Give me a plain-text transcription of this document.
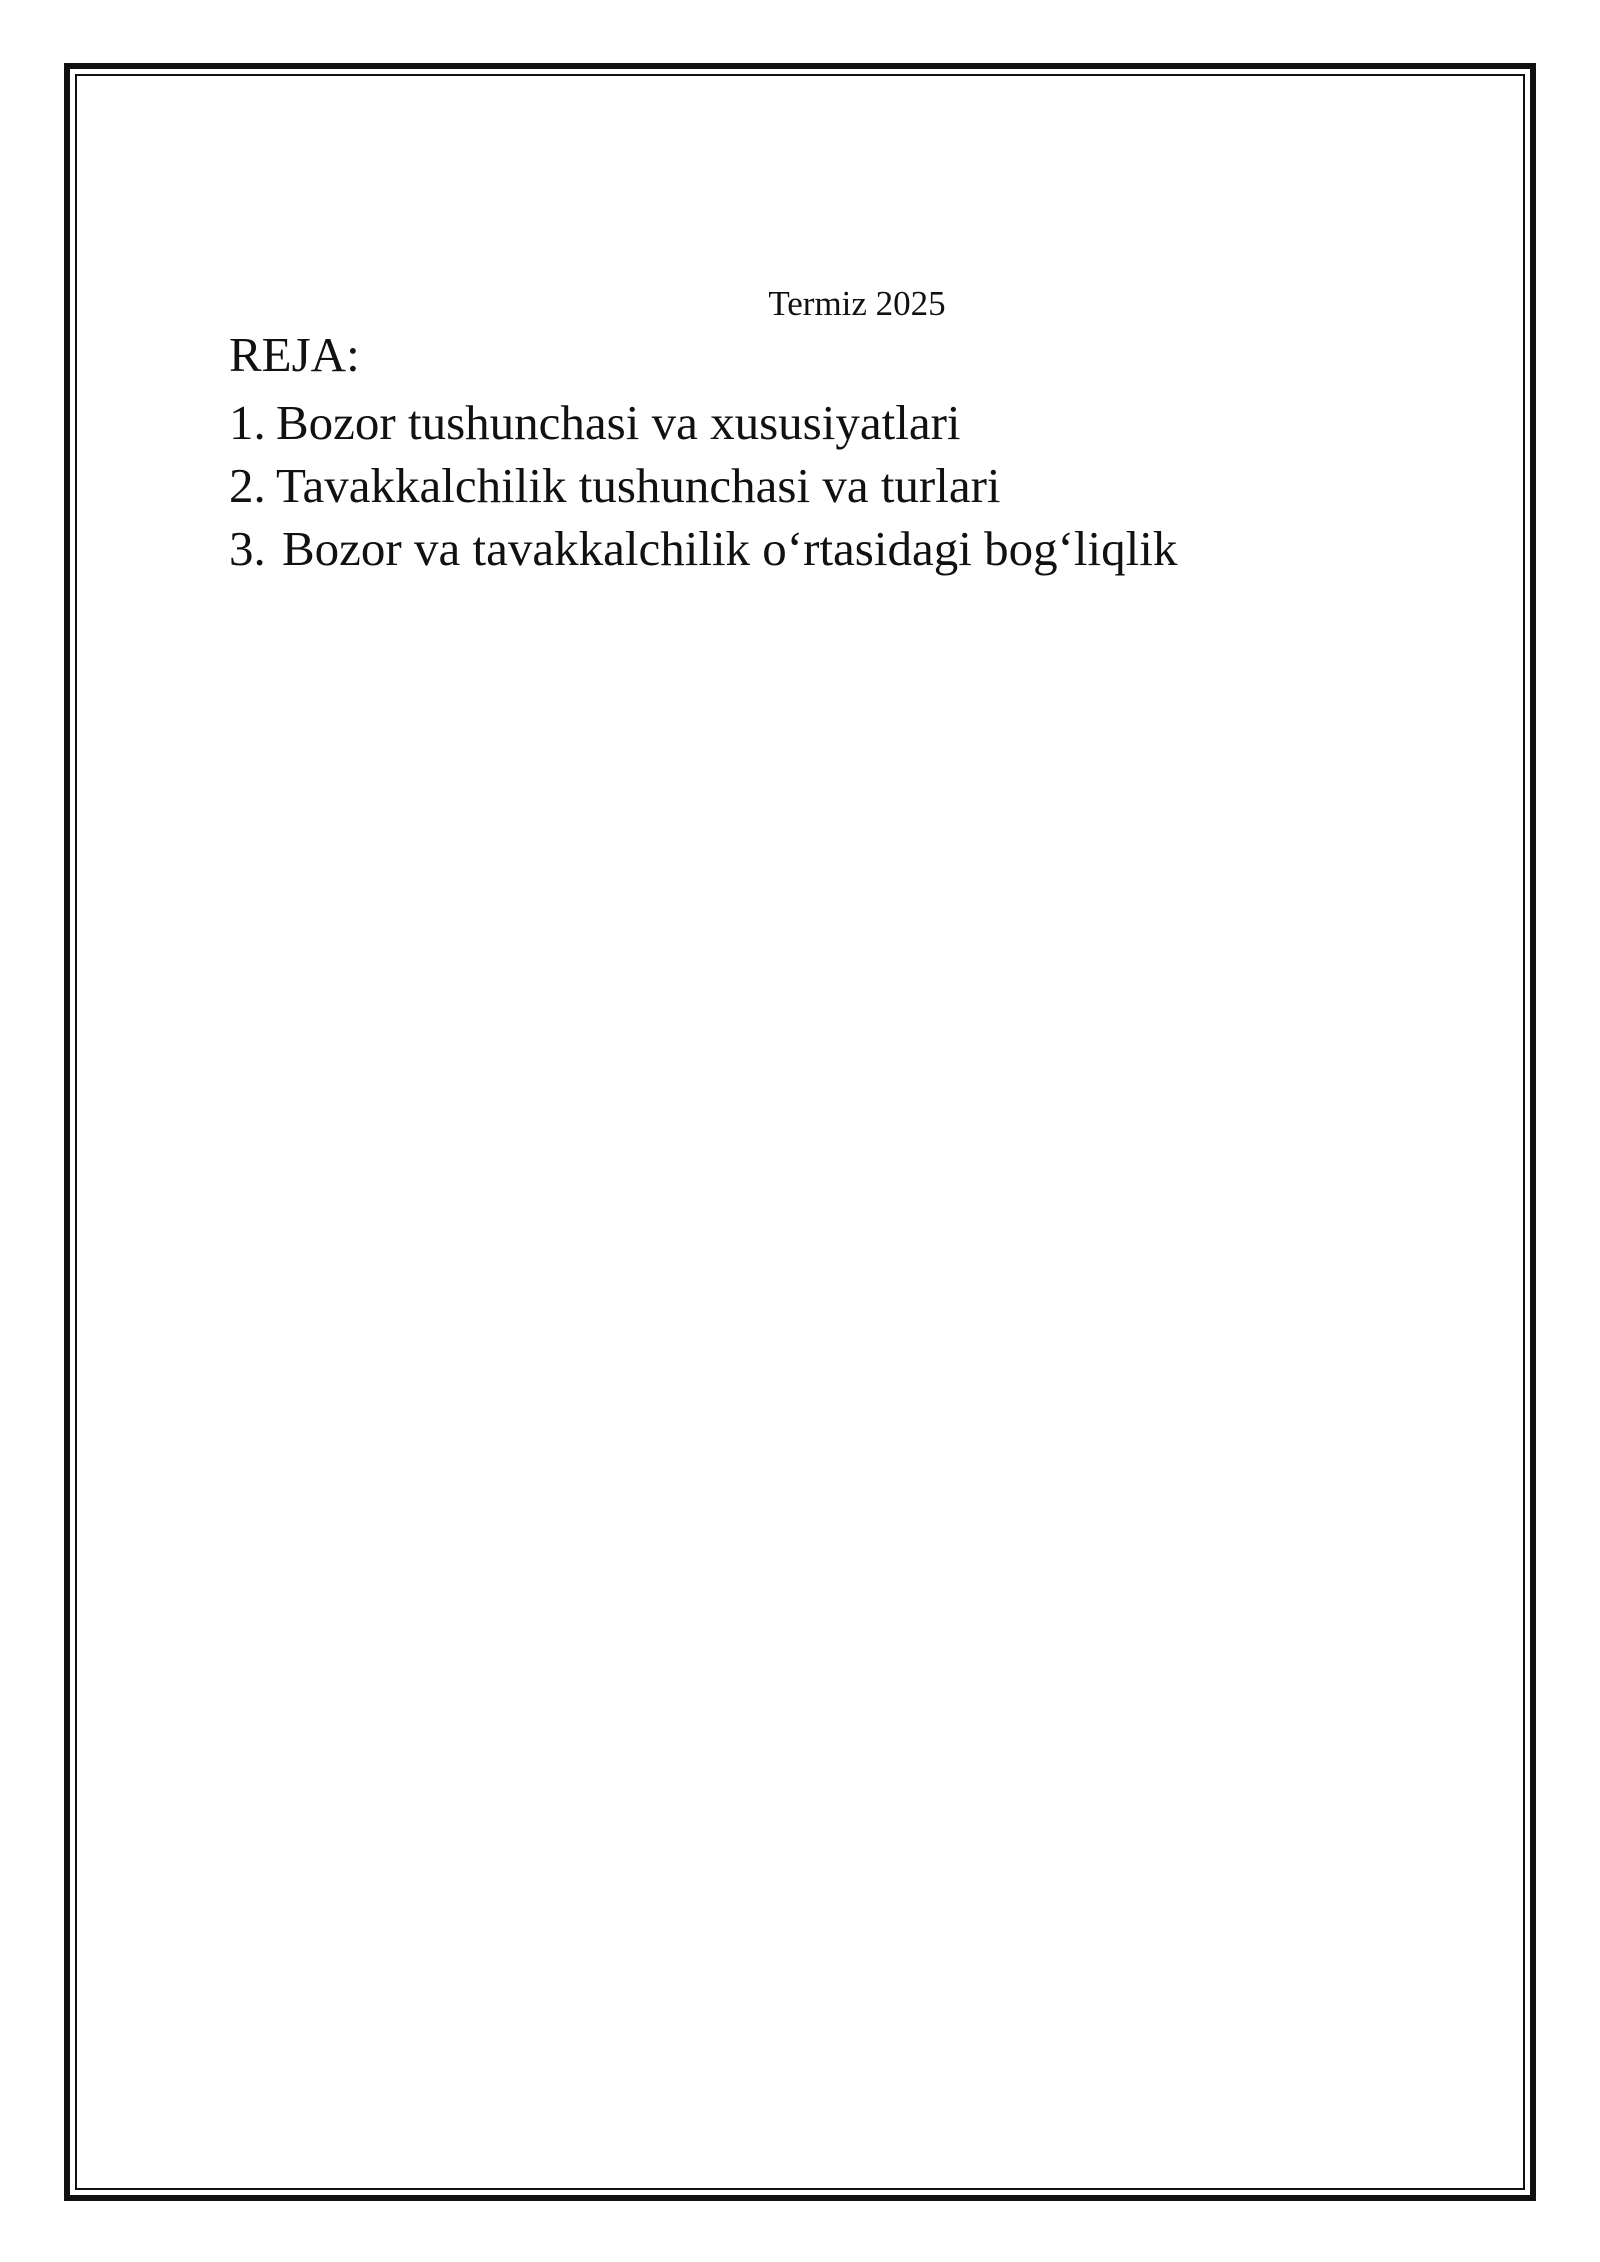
Termiz 2025
REJA:
1. Bozor tushunchasi va xususiyatlari
2. Tavakkalchilik tushunchasi va turlari
3. Bozor va tavakkalchilik o‘rtasidagi bog‘liqlik
